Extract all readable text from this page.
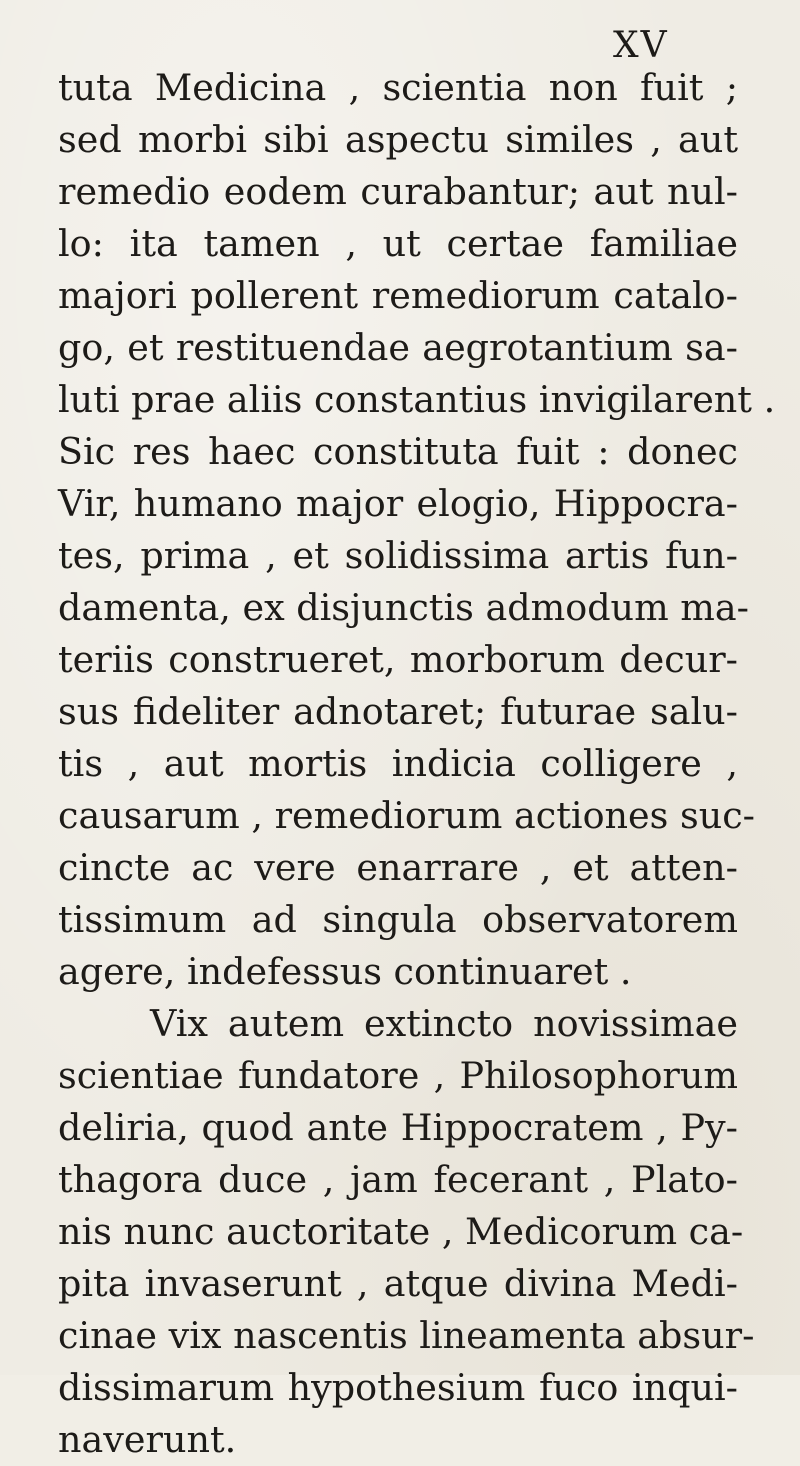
XV
tuta Medicina , scientia non fuit ;
sed morbi sibi aspectu similes , aut
remedio eodem curabantur; aut nul-
lo: ita tamen , ut certae familiae
majori pollerent remediorum catalo-
go, et restituendae aegrotantium sa-
luti prae aliis constantius invigilarent .
Sic res haec constituta fuit : donec
Vir, humano major elogio, Hippocra-
tes, prima , et solidissima artis fun-
damenta, ex disjunctis admodum ma-
teriis construeret, morborum decur-
sus fideliter adnotaret; futurae salu-
tis , aut mortis indicia colligere ,
causarum , remediorum actiones suc-
cincte ac vere enarrare , et atten-
tissimum ad singula observatorem
agere, indefessus continuaret .
Vix autem extincto novissimae
scientiae fundatore , Philosophorum
deliria, quod ante Hippocratem , Py-
thagora duce , jam fecerant , Plato-
nis nunc auctoritate , Medicorum ca-
pita invaserunt , atque divina Medi-
cinae vix nascentis lineamenta absur-
dissimarum hypothesium fuco inqui-
naverunt.
